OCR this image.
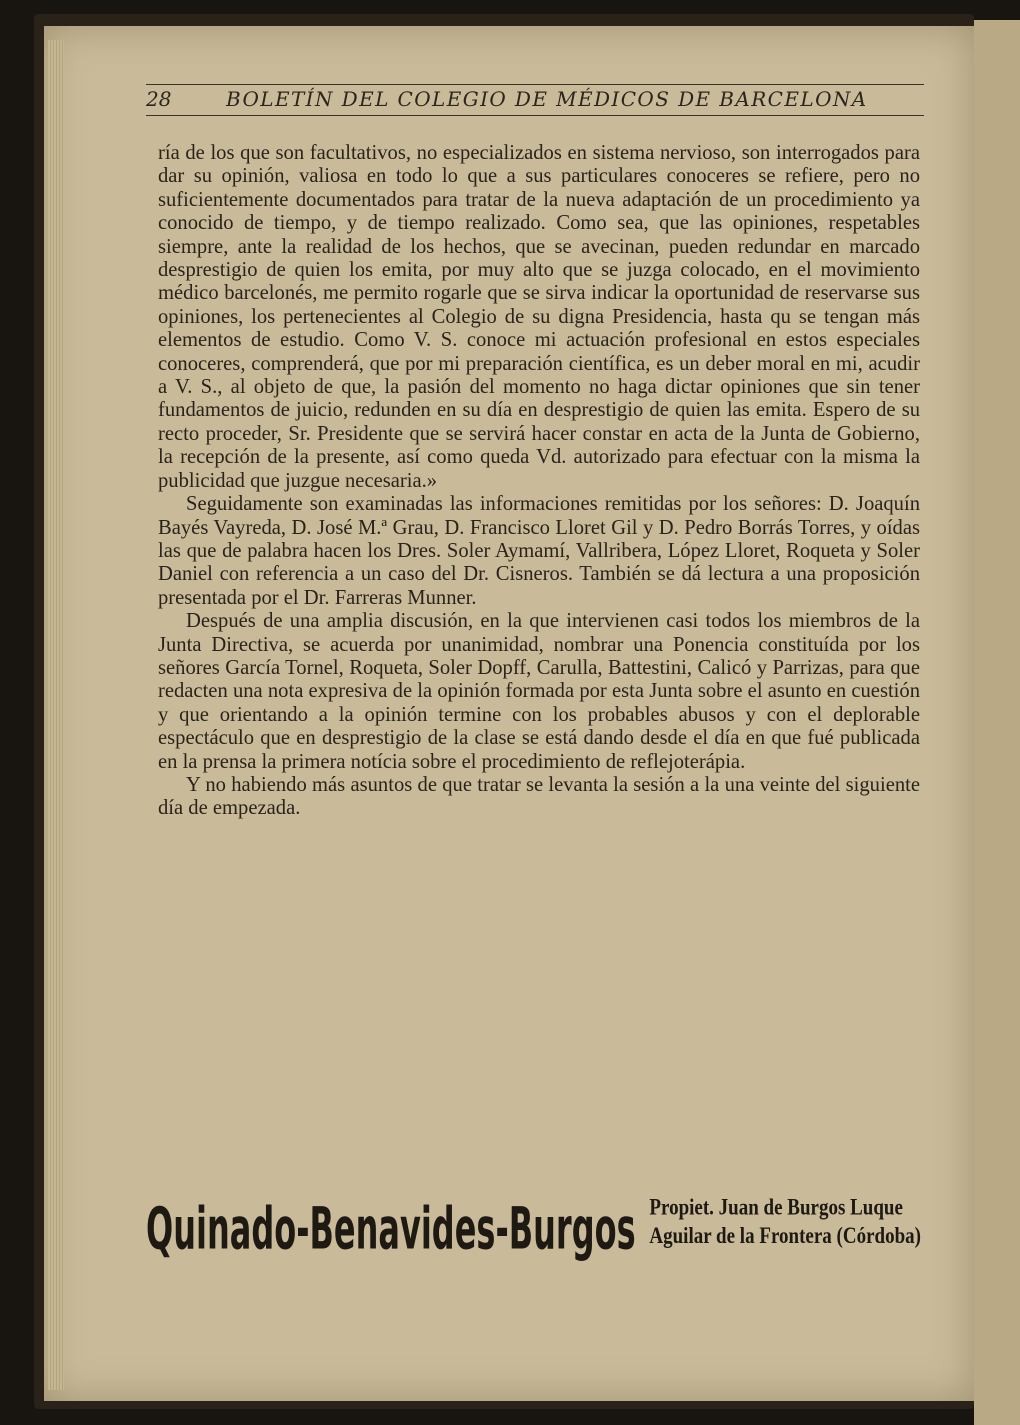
28	BOLETÍN DEL COLEGIO DE MÉDICOS DE BARCELONA

ría de los que son facultativos, no especializados en sistema nervioso, son interrogados para dar su opinión, valiosa en todo lo que a sus particulares conoceres se refiere, pero no suficientemente documentados para tratar de la nueva adaptación de un procedimiento ya conocido de tiempo, y de tiempo realizado. Como sea, que las opiniones, respetables siempre, ante la realidad de los hechos, que se avecinan, pueden redundar en marcado desprestigio de quien los emita, por muy alto que se juzga colocado, en el movimiento médico barcelonés, me permito rogarle que se sirva indicar la oportunidad de reservarse sus opiniones, los pertenecientes al Colegio de su digna Presidencia, hasta qu se tengan más elementos de estudio. Como V. S. conoce mi actuación profesional en estos especiales conoceres, comprenderá, que por mi preparación científica, es un deber moral en mi, acudir a V. S., al objeto de que, la pasión del momento no haga dictar opiniones que sin tener fundamentos de juicio, redunden en su día en desprestigio de quien las emita. Espero de su recto proceder, Sr. Presidente que se servirá hacer constar en acta de la Junta de Gobierno, la recepción de la presente, así como queda Vd. autorizado para efectuar con la misma la publicidad que juzgue necesaria.»

Seguidamente son examinadas las informaciones remitidas por los señores: D. Joaquín Bayés Vayreda, D. José M.ª Grau, D. Francisco Lloret Gil y D. Pedro Borrás Torres, y oídas las que de palabra hacen los Dres. Soler Aymamí, Vallribera, López Lloret, Roqueta y Soler Daniel con referencia a un caso del Dr. Cisneros. También se dá lectura a una proposición presentada por el Dr. Farreras Munner.

Después de una amplia discusión, en la que intervienen casi todos los miembros de la Junta Directiva, se acuerda por unanimidad, nombrar una Ponencia constituída por los señores García Tornel, Roqueta, Soler Dopff, Carulla, Battestini, Calicó y Parrizas, para que redacten una nota expresiva de la opinión formada por esta Junta sobre el asunto en cuestión y que orientando a la opinión termine con los probables abusos y con el deplorable espectáculo que en desprestigio de la clase se está dando desde el día en que fué publicada en la prensa la primera notícia sobre el procedimiento de reflejoterápia.

Y no habiendo más asuntos de que tratar se levanta la sesión a la una veinte del siguiente día de empezada.

Quinado-Benavides-Burgos Propiet. Juan de Burgos Luque
Aguilar de la Frontera (Córdoba)
